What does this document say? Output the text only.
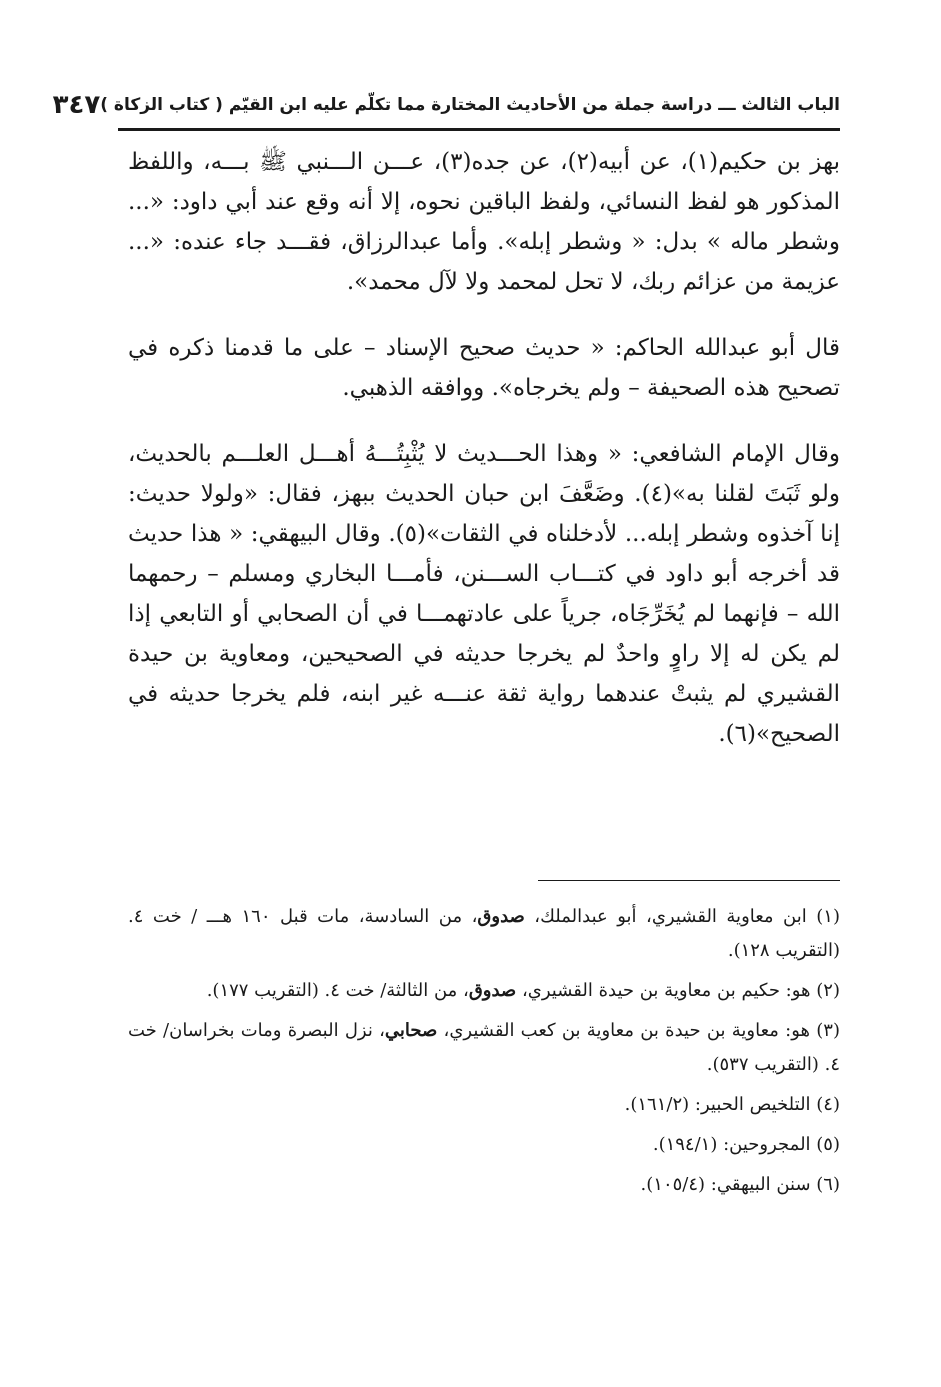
الباب الثالث ـــ دراسة جملة من الأحاديث المختارة مما تكلّم عليه ابن القيّم ( كتاب الزكاة )
٣٤٧

بهز بن حكيم(١)، عن أبيه(٢)، عن جده(٣)، عـــن الـــنبي ﷺ بـــه، واللفظ المذكور هو لفظ النسائي، ولفظ الباقين نحوه، إلا أنه وقع عند أبي داود: «... وشطر ماله » بدل: « وشطر إبله». وأما عبدالرزاق، فقـــد جاء عنده: «... عزيمة من عزائم ربك، لا تحل لمحمد ولا لآل محمد».

قال أبو عبدالله الحاكم: « حديث صحيح الإسناد – على ما قدمنا ذكره في تصحيح هذه الصحيفة – ولم يخرجاه». ووافقه الذهبي.

وقال الإمام الشافعي: « وهذا الحـــديث لا يُثْبِتُـــهُ أهـــل العلـــم بالحديث، ولو ثَبَتَ لقلنا به»(٤). وضَعَّفَ ابن حبان الحديث ببهز، فقال: «ولولا حديث: إنا آخذوه وشطر إبله... لأدخلناه في الثقات»(٥). وقال البيهقي: « هذا حديث قد أخرجه أبو داود في كتـــاب الســـنن، فأمـــا البخاري ومسلم – رحمهما الله – فإنهما لم يُخَرِّجَاه، جرياً على عادتهمـــا في أن الصحابي أو التابعي إذا لم يكن له إلا راوٍ واحدٌ لم يخرجا حديثه في الصحيحين، ومعاوية بن حيدة القشيري لم يثبتْ عندهما رواية ثقة عنـــه غير ابنه، فلم يخرجا حديثه في الصحيح»(٦).

(١) ابن معاوية القشيري، أبو عبدالملك، صدوق، من السادسة، مات قبل ١٦٠ هـــ / خت ٤. (التقريب ١٢٨).
(٢) هو: حكيم بن معاوية بن حيدة القشيري، صدوق، من الثالثة/ خت ٤. (التقريب ١٧٧).
(٣) هو: معاوية بن حيدة بن معاوية بن كعب القشيري، صحابي، نزل البصرة ومات بخراسان/ خت ٤. (التقريب ٥٣٧).
(٤) التلخيص الحبير: (١٦١/٢).
(٥) المجروحين: (١٩٤/١).
(٦) سنن البيهقي: (١٠٥/٤).
